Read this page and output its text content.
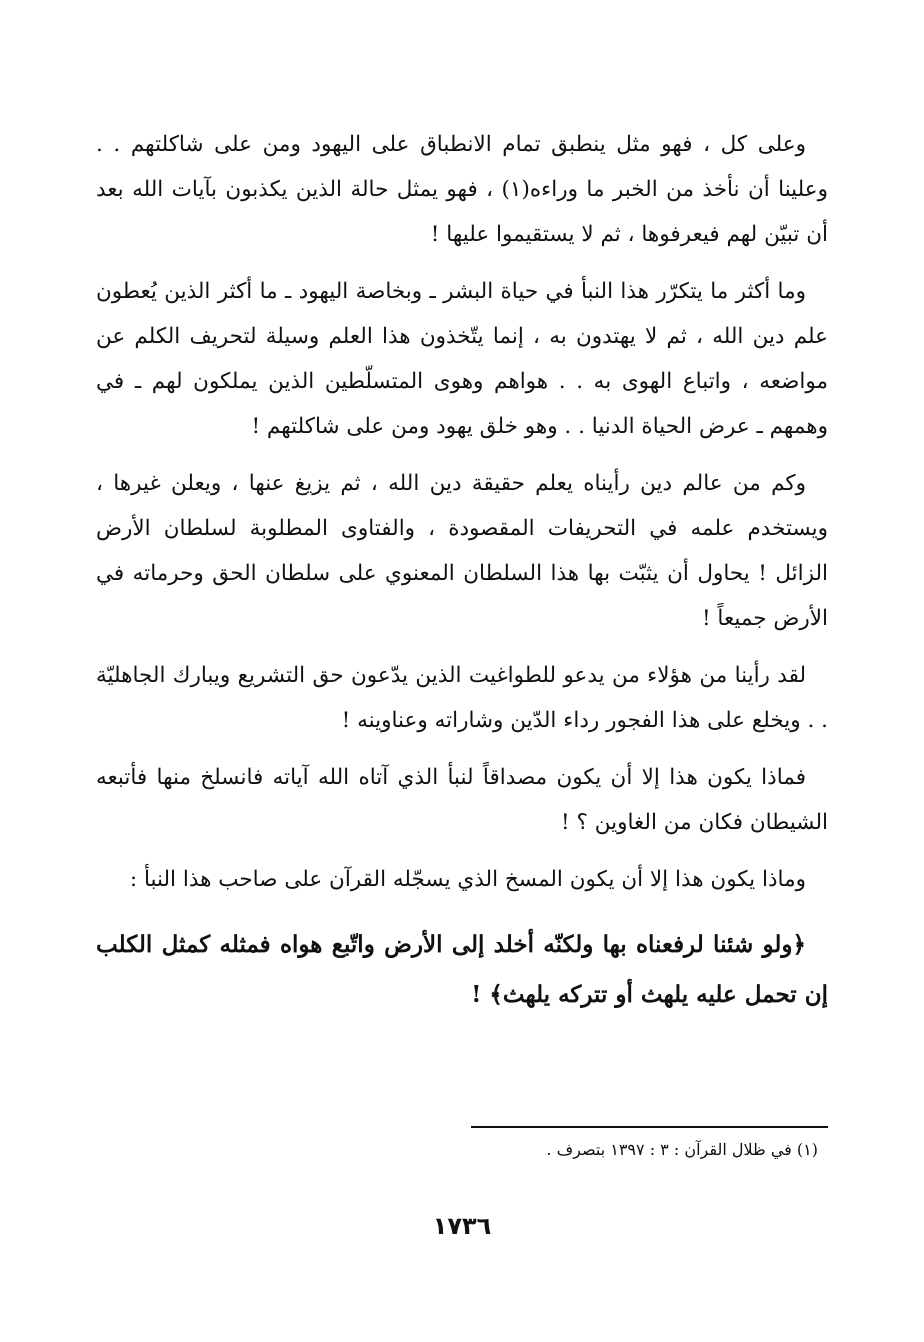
وعلى كل ، فهو مثل ينطبق تمام الانطباق على اليهود ومن على شاكلتهم . . وعلينا أن نأخذ من الخبر ما وراءه(١) ، فهو يمثل حالة الذين يكذبون بآيات الله بعد أن تبيّن لهم فيعرفوها ، ثم لا يستقيموا عليها !

وما أكثر ما يتكرّر هذا النبأ في حياة البشر ـ وبخاصة اليهود ـ ما أكثر الذين يُعطون علم دين الله ، ثم لا يهتدون به ، إنما يتّخذون هذا العلم وسيلة لتحريف الكلم عن مواضعه ، واتباع الهوى به . . هواهم وهوى المتسلّطين الذين يملكون لهم ـ في وهمهم ـ عرض الحياة الدنيا . . وهو خلق يهود ومن على شاكلتهم !

وكم من عالم دين رأيناه يعلم حقيقة دين الله ، ثم يزيغ عنها ، ويعلن غيرها ، ويستخدم علمه في التحريفات المقصودة ، والفتاوى المطلوبة لسلطان الأرض الزائل ! يحاول أن يثبّت بها هذا السلطان المعنوي على سلطان الحق وحرماته في الأرض جميعاً !

لقد رأينا من هؤلاء من يدعو للطواغيت الذين يدّعون حق التشريع ويبارك الجاهليّة . . ويخلع على هذا الفجور رداء الدّين وشاراته وعناوينه !

فماذا يكون هذا إلا أن يكون مصداقاً لنبأ الذي آتاه الله آياته فانسلخ منها فأتبعه الشيطان فكان من الغاوين ؟ !

وماذا يكون هذا إلا أن يكون المسخ الذي يسجّله القرآن على صاحب هذا النبأ :

﴿ولو شئنا لرفعناه بها ولكنّه أخلد إلى الأرض واتّبع هواه فمثله كمثل الكلب إن تحمل عليه يلهث أو تتركه يلهث﴾ !

(١) في ظلال القرآن : ٣ : ١٣٩٧ بتصرف .
١٧٣٦
